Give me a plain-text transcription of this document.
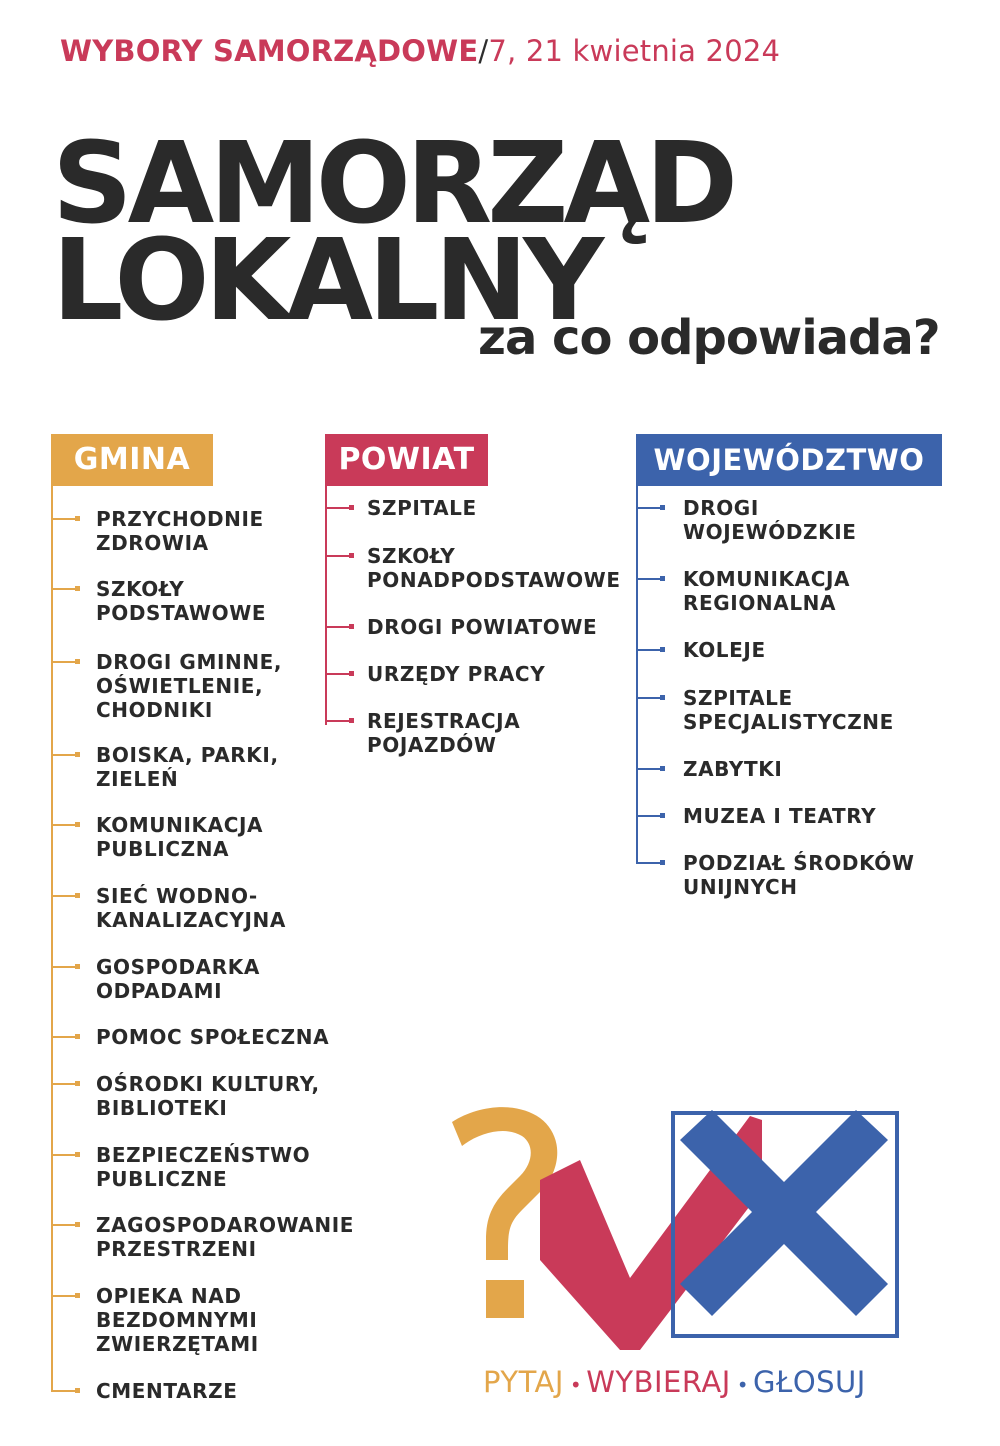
WYBORY SAMORZĄDOWE/7, 21 kwietnia 2024
SAMORZĄD
LOKALNY
za co odpowiada?
GMINA	POWIAT	WOJEWÓDZTWO
PRZYCHODNIE
ZDROWIA
SZKOŁY
PODSTAWOWE
DROGI GMINNE,
OŚWIETLENIE,
CHODNIKI
BOISKA, PARKI,
ZIELEŃ
KOMUNIKACJA
PUBLICZNA
SIEĆ WODNO-
KANALIZACYJNA
GOSPODARKA
ODPADAMI
POMOC SPOŁECZNA
OŚRODKI KULTURY,
BIBLIOTEKI
BEZPIECZEŃSTWO
PUBLICZNE
ZAGOSPODAROWANIE
PRZESTRZENI
OPIEKA NAD
BEZDOMNYMI
ZWIERZĘTAMI
CMENTARZE
SZPITALE
SZKOŁY
PONADPODSTAWOWE
DROGI POWIATOWE
URZĘDY PRACY
REJESTRACJA
POJAZDÓW
DROGI
WOJEWÓDZKIE
KOMUNIKACJA
REGIONALNA
KOLEJE
SZPITALE
SPECJALISTYCZNE
ZABYTKI
MUZEA I TEATRY
PODZIAŁ ŚRODKÓW
UNIJNYCH
PYTAJ • WYBIERAJ • GŁOSUJ
